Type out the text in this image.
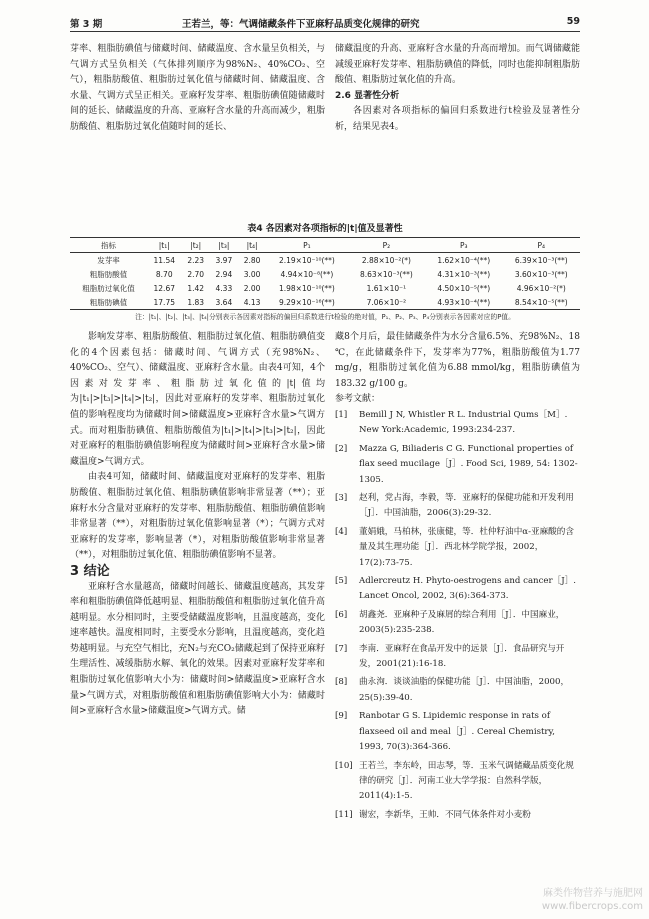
第 3 期	王若兰，等：气调储藏条件下亚麻籽品质变化规律的研究	59

芽率、粗脂肪碘值与储藏时间、储藏温度、含水量呈负相关，与气调方式呈负相关（气体排列顺序为98%N₂、40%CO₂、空气），粗脂肪酸值、粗脂肪过氧化值与储藏时间、储藏温度、含水量、气调方式呈正相关。亚麻籽发芽率、粗脂肪碘值随储藏时间的延长、储藏温度的升高、亚麻籽含水量的升高而减少，粗脂肪酸值、粗脂肪过氧化值随时间的延长、

储藏温度的升高、亚麻籽含水量的升高而增加。而气调储藏能减缓亚麻籽发芽率、粗脂肪碘值的降低，同时也能抑制粗脂肪酸值、粗脂肪过氧化值的升高。

2.6 显著性分析

各因素对各项指标的偏回归系数进行t检验及显著性分析，结果见表4。

表4 各因素对各项指标的|t|值及显著性
指标	|t₁|	|t₂|	|t₃|	|t₄|	P₁	P₂	P₃	P₄
发芽率	11.54	2.23	3.97	2.80	2.19×10⁻¹⁰(**)	2.88×10⁻²(*)	1.62×10⁻⁴(**)	6.39×10⁻³(**)
粗脂肪酸值	8.70	2.70	2.94	3.00	4.94×10⁻⁸(**)	8.63×10⁻³(**)	4.31×10⁻³(**)	3.60×10⁻³(**)
粗脂肪过氧化值	12.67	1.42	4.33	2.00	1.98×10⁻¹⁰(**)	1.61×10⁻¹	4.50×10⁻⁵(**)	4.96×10⁻²(*)
粗脂肪碘值	17.75	1.83	3.64	4.13	9.29×10⁻¹⁶(**)	7.06×10⁻²	4.93×10⁻⁴(**)	8.54×10⁻⁵(**)
注：|t₁|、|t₂|、|t₃|、|t₄|分别表示各因素对指标的偏回归系数进行t检验的绝对值，P₁、P₂、P₃、P₄分别表示各因素对应的P值。

影响发芽率、粗脂肪酸值、粗脂肪过氧化值、粗脂肪碘值变化的4个因素包括：储藏时间、气调方式（充98%N₂、40%CO₂、空气）、储藏温度、亚麻籽含水量。由表4可知，4个因素对发芽率、粗脂肪过氧化值的|t|值均为|t₁|>|t₃|>|t₄|>|t₂|，因此对亚麻籽的发芽率、粗脂肪过氧化值的影响程度均为储藏时间>储藏温度>亚麻籽含水量>气调方式。而对粗脂肪碘值、粗脂肪酸值为|t₁|>|t₄|>|t₃|>|t₂|，因此对亚麻籽的粗脂肪碘值影响程度为储藏时间>亚麻籽含水量>储藏温度>气调方式。

由表4可知，储藏时间、储藏温度对亚麻籽的发芽率、粗脂肪酸值、粗脂肪过氧化值、粗脂肪碘值影响非常显著（**）；亚麻籽水分含量对亚麻籽的发芽率、粗脂肪酸值、粗脂肪碘值影响非常显著（**），对粗脂肪过氧化值影响显著（*）；气调方式对亚麻籽的发芽率，影响显著（*），对粗脂肪酸值影响非常显著（**），对粗脂肪过氧化值、粗脂肪碘值影响不显著。

3 结论

亚麻籽含水量越高，储藏时间越长、储藏温度越高，其发芽率和粗脂肪碘值降低越明显、粗脂肪酸值和粗脂肪过氧化值升高越明显。水分相同时，主要受储藏温度影响，且温度越高，变化速率越快。温度相同时，主要受水分影响，且温度越高，变化趋势越明显。与充空气相比，充N₂与充CO₂储藏起到了保持亚麻籽生理活性、减缓脂肪水解、氧化的效果。因素对亚麻籽发芽率和粗脂肪过氧化值影响大小为：储藏时间>储藏温度>亚麻籽含水量>气调方式，对粗脂肪酸值和粗脂肪碘值影响大小为：储藏时间>亚麻籽含水量>储藏温度>气调方式。储

藏8个月后，最佳储藏条件为水分含量6.5%、充98%N₂、18 ℃，在此储藏条件下，发芽率为77%，粗脂肪酸值为1.77 mg/g，粗脂肪过氧化值为6.88 mmol/kg，粗脂肪碘值为183.32 g/100 g。

参考文献：

[1]	Bemill J N, Whistler R L. Industrial Qums［M］. New York:Academic, 1993:234-237.
[2]	Mazza G, Biliaderis C G. Functional properties of flax seed mucilage［J］. Food Sci, 1989, 54: 1302-1305.
[3]	赵利，党占海，李毅，等．亚麻籽的保健功能和开发利用［J］．中国油脂，2006(3):29-32.
[4]	董娟娥，马柏林，张康健，等．杜仲籽油中α-亚麻酸的含量及其生理功能［J］．西北林学院学报，2002，17(2):73-75.
[5]	Adlercreutz H. Phyto-oestrogens and cancer［J］. Lancet Oncol, 2002, 3(6):364-373.
[6]	胡鑫尧．亚麻种子及麻屑的综合利用［J］．中国麻业，2003(5):235-238.
[7]	李南．亚麻籽在食品开发中的远景［J］．食品研究与开发，2001(21):16-18.
[8]	曲永洵．谈谈油脂的保健功能［J］．中国油脂，2000，25(5):39-40.
[9]	Ranbotar G S. Lipidemic response in rats of flaxseed oil and meal［J］. Cereal Chemistry, 1993, 70(3):364-366.
[10] 王若兰，李东岭，田志琴，等．玉米气调储藏品质变化规律的研究［J］．河南工业大学学报：自然科学版，2011(4):1-5.
[11] 谢宏，李新华，王帅．不同气体条件对小麦粉
麻类作物营养与施肥网
www.fibercrops.com
